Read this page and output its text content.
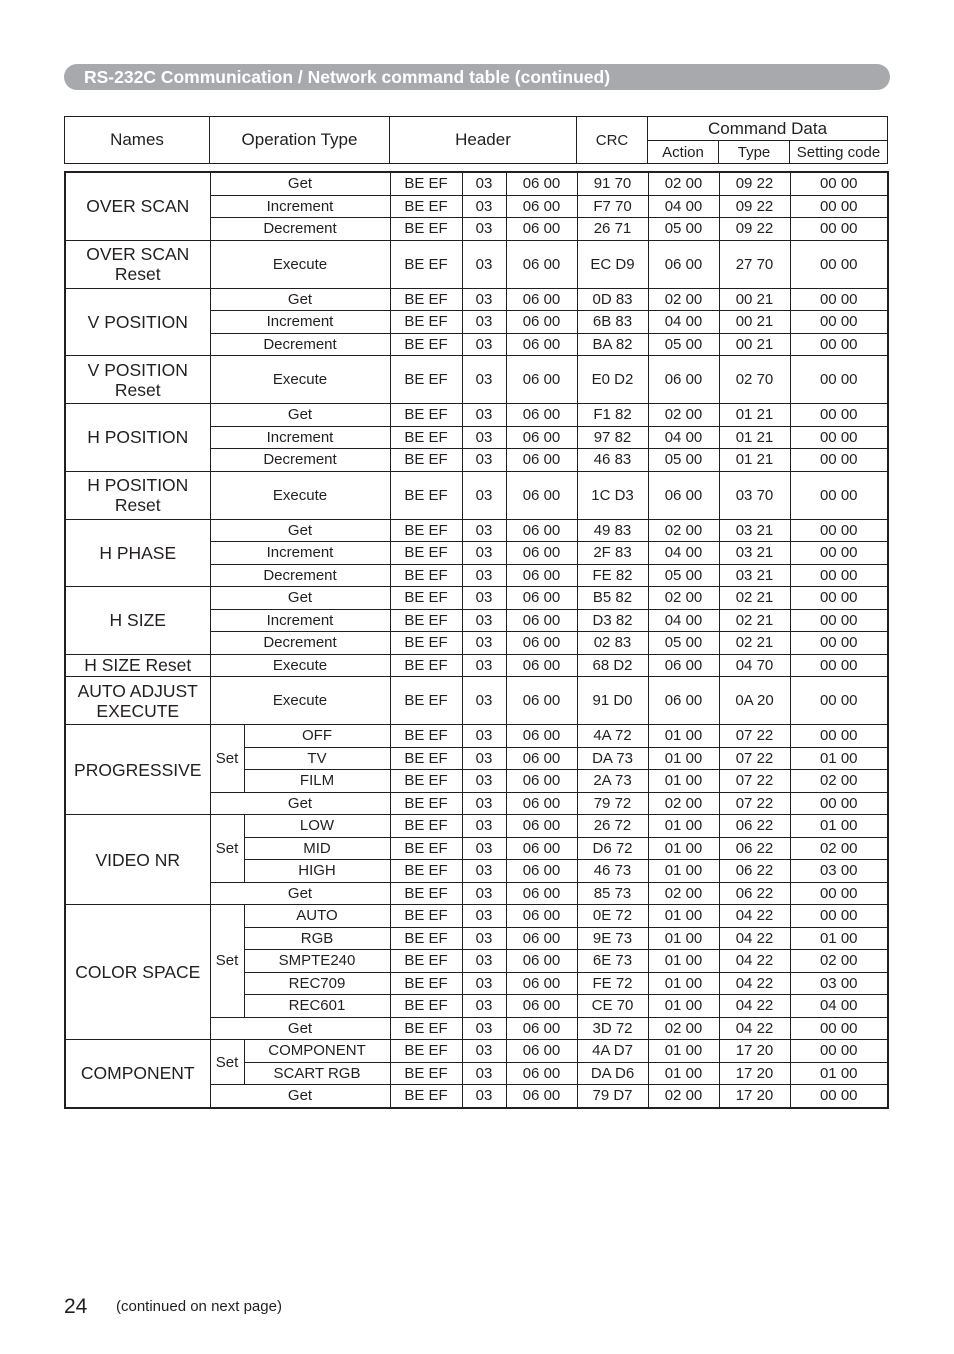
RS-232C Communication / Network command table (continued)
Names	Operation Type	Header	CRC	Command Data		
				Action	Type	Setting code
OVER SCAN	Get		BE EF	03	06 00	91 70	02 00	09 22	00 00
	Increment		BE EF	03	06 00	F7 70	04 00	09 22	00 00
	Decrement		BE EF	03	06 00	26 71	05 00	09 22	00 00
OVER SCAN Reset	Execute		BE EF	03	06 00	EC D9	06 00	27 70	00 00
V POSITION	Get		BE EF	03	06 00	0D 83	02 00	00 21	00 00
	Increment		BE EF	03	06 00	6B 83	04 00	00 21	00 00
	Decrement		BE EF	03	06 00	BA 82	05 00	00 21	00 00
V POSITION Reset	Execute		BE EF	03	06 00	E0 D2	06 00	02 70	00 00
H POSITION	Get		BE EF	03	06 00	F1 82	02 00	01 21	00 00
	Increment		BE EF	03	06 00	97 82	04 00	01 21	00 00
	Decrement		BE EF	03	06 00	46 83	05 00	01 21	00 00
H POSITION Reset	Execute		BE EF	03	06 00	1C D3	06 00	03 70	00 00
H PHASE	Get		BE EF	03	06 00	49 83	02 00	03 21	00 00
	Increment		BE EF	03	06 00	2F 83	04 00	03 21	00 00
	Decrement		BE EF	03	06 00	FE 82	05 00	03 21	00 00
H SIZE	Get		BE EF	03	06 00	B5 82	02 00	02 21	00 00
	Increment		BE EF	03	06 00	D3 82	04 00	02 21	00 00
	Decrement		BE EF	03	06 00	02 83	05 00	02 21	00 00
H SIZE Reset	Execute		BE EF	03	06 00	68 D2	06 00	04 70	00 00
AUTO ADJUST EXECUTE	Execute		BE EF	03	06 00	91 D0	06 00	0A 20	00 00
PROGRESSIVE	Set	OFF	BE EF	03	06 00	4A 72	01 00	07 22	00 00
		TV	BE EF	03	06 00	DA 73	01 00	07 22	01 00
		FILM	BE EF	03	06 00	2A 73	01 00	07 22	02 00
	Get		BE EF	03	06 00	79 72	02 00	07 22	00 00
VIDEO NR	Set	LOW	BE EF	03	06 00	26 72	01 00	06 22	01 00
		MID	BE EF	03	06 00	D6 72	01 00	06 22	02 00
		HIGH	BE EF	03	06 00	46 73	01 00	06 22	03 00
	Get		BE EF	03	06 00	85 73	02 00	06 22	00 00
COLOR SPACE	Set	AUTO	BE EF	03	06 00	0E 72	01 00	04 22	00 00
		RGB	BE EF	03	06 00	9E 73	01 00	04 22	01 00
		SMPTE240	BE EF	03	06 00	6E 73	01 00	04 22	02 00
		REC709	BE EF	03	06 00	FE 72	01 00	04 22	03 00
		REC601	BE EF	03	06 00	CE 70	01 00	04 22	04 00
	Get		BE EF	03	06 00	3D 72	02 00	04 22	00 00
COMPONENT	Set	COMPONENT	BE EF	03	06 00	4A D7	01 00	17 20	00 00
		SCART RGB	BE EF	03	06 00	DA D6	01 00	17 20	01 00
	Get		BE EF	03	06 00	79 D7	02 00	17 20	00 00
24 (continued on next page)
